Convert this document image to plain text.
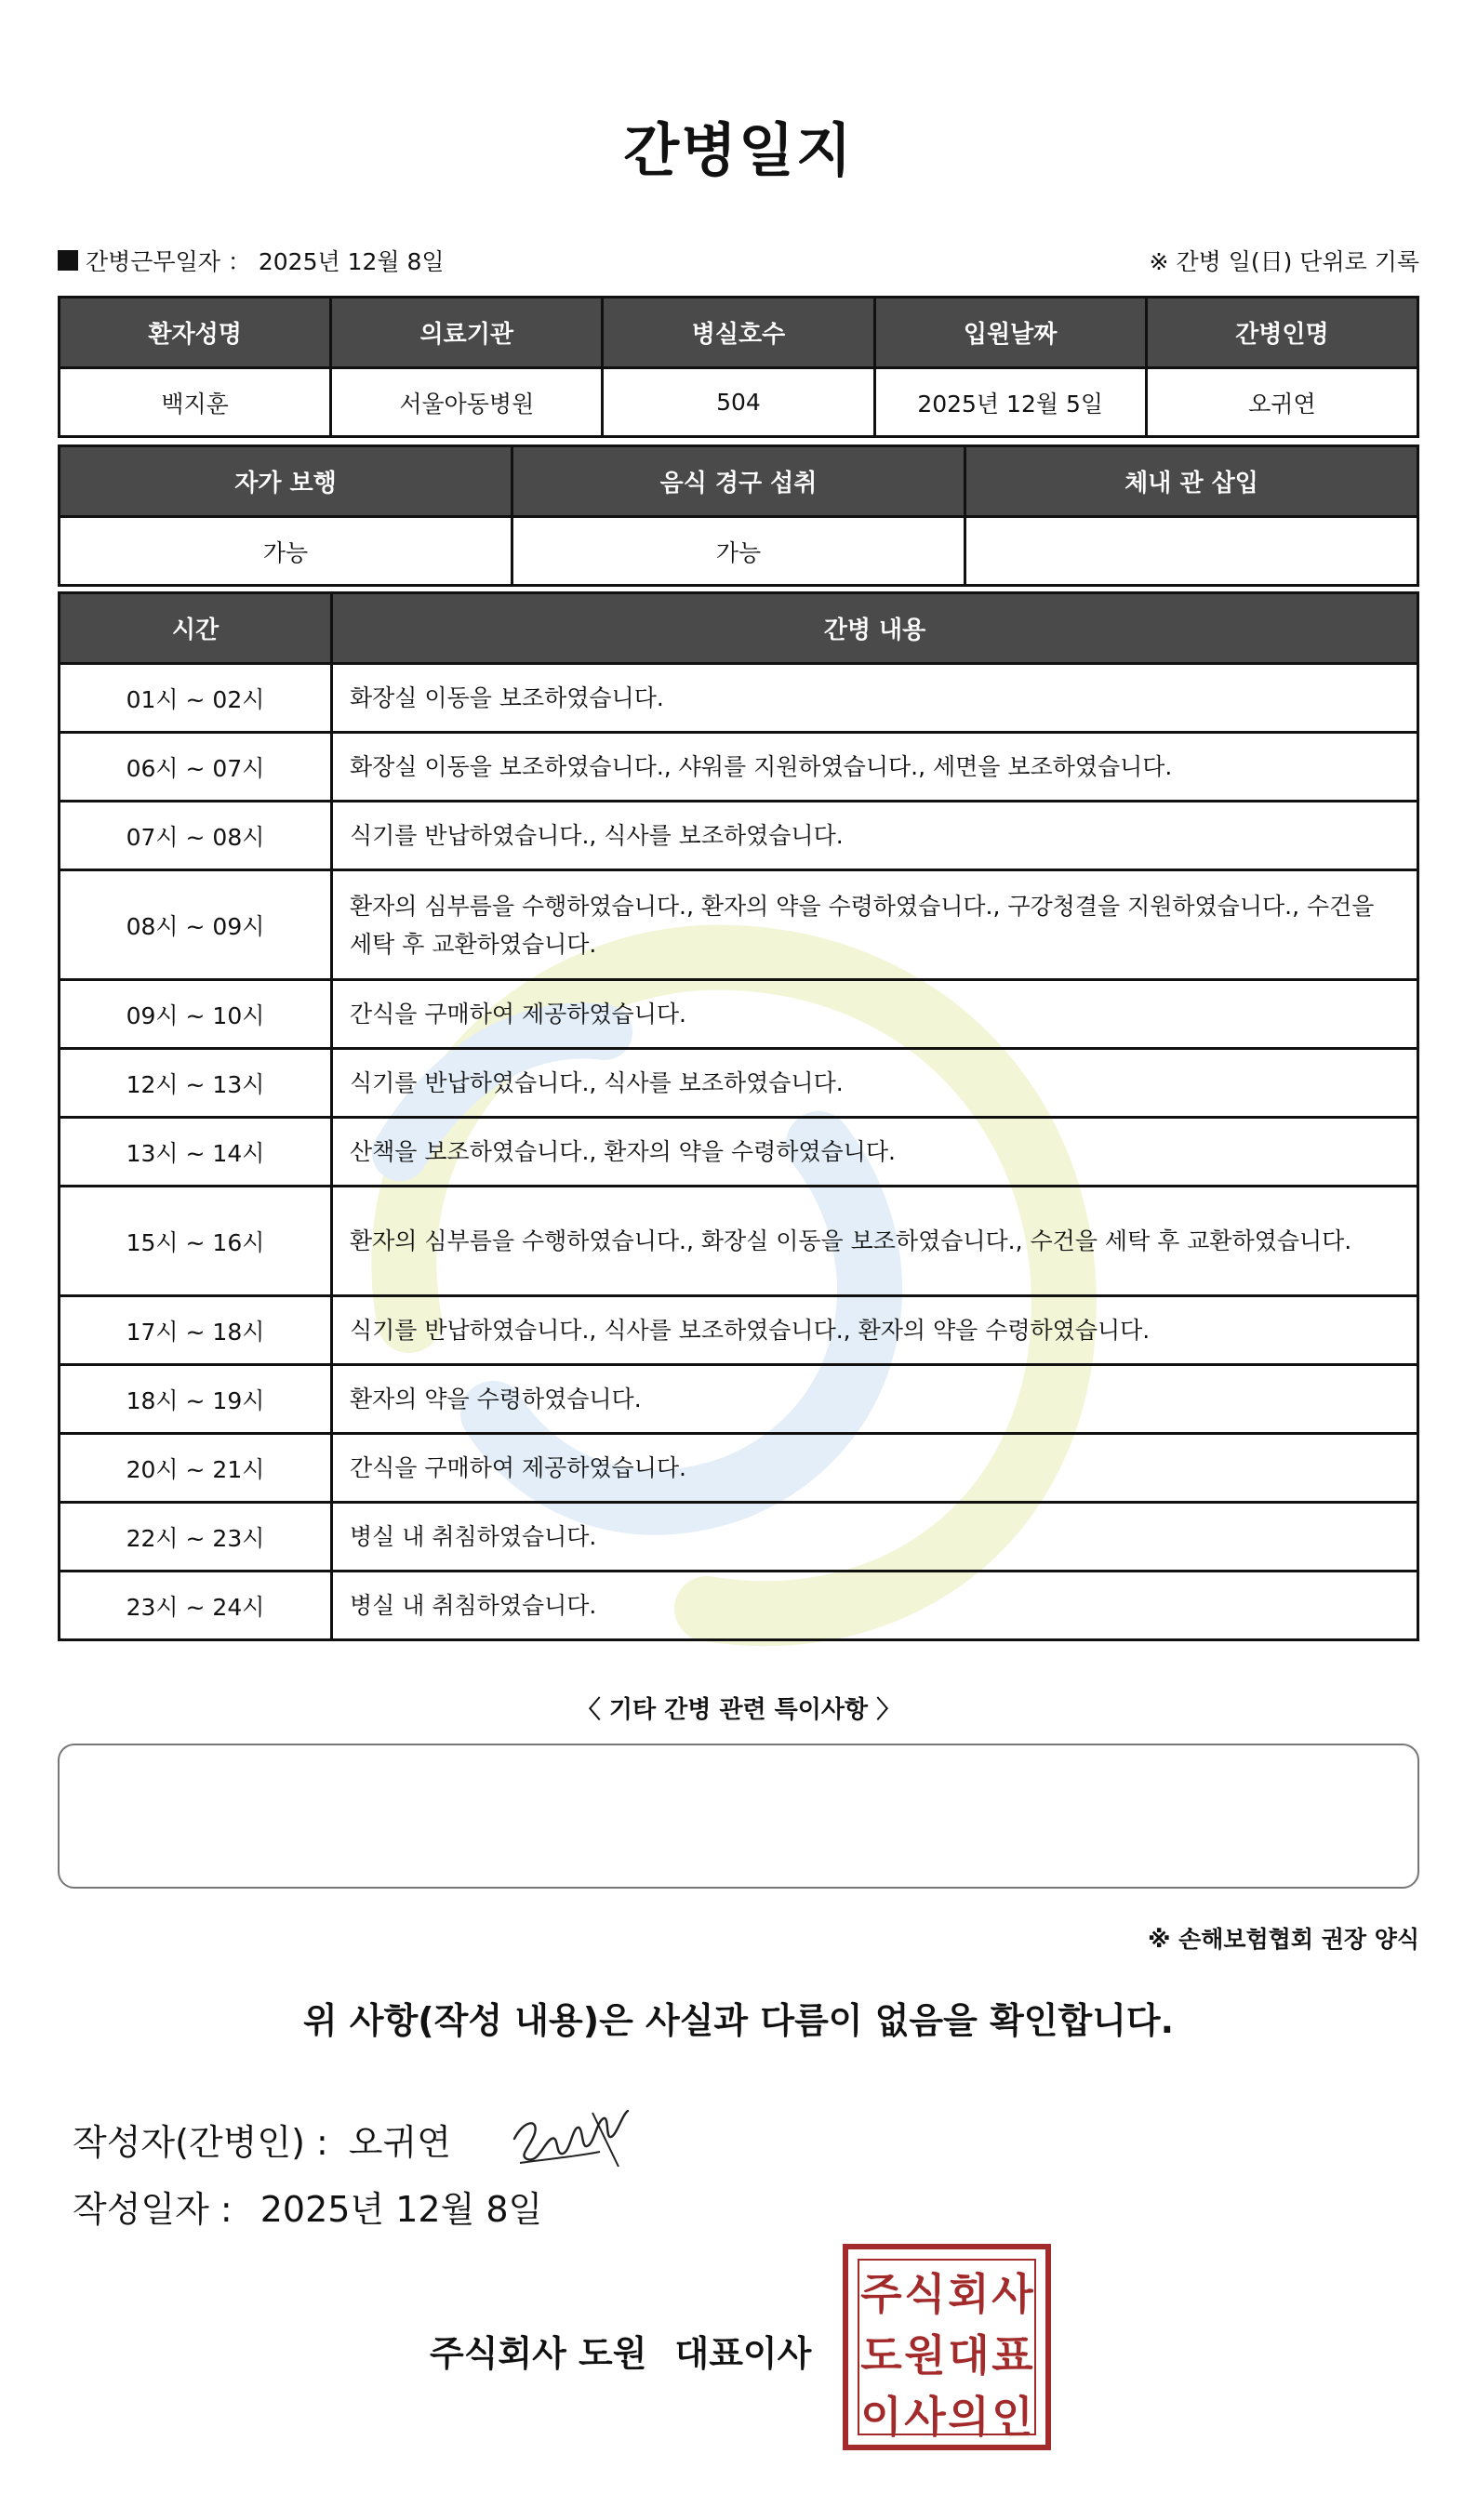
간병일지
간병근무일자 ： 2025년 12월 8일	※ 간병 일(日) 단위로 기록
환자성명	의료기관	병실호수	입원날짜	간병인명
백지훈	서울아동병원	504	2025년 12월 5일	오귀연
자가 보행	음식 경구 섭취	체내 관 삽입
가능	가능	
시간	간병 내용
01시 ~ 02시	화장실 이동을 보조하였습니다.
06시 ~ 07시	화장실 이동을 보조하였습니다., 샤워를 지원하였습니다., 세면을 보조하였습니다.
07시 ~ 08시	식기를 반납하였습니다., 식사를 보조하였습니다.
08시 ~ 09시	환자의 심부름을 수행하였습니다., 환자의 약을 수령하였습니다., 구강청결을 지원하였습니다., 수건을 세탁 후 교환하였습니다.
09시 ~ 10시	간식을 구매하여 제공하였습니다.
12시 ~ 13시	식기를 반납하였습니다., 식사를 보조하였습니다.
13시 ~ 14시	산책을 보조하였습니다., 환자의 약을 수령하였습니다.
15시 ~ 16시	환자의 심부름을 수행하였습니다., 화장실 이동을 보조하였습니다., 수건을 세탁 후 교환하였습니다.
17시 ~ 18시	식기를 반납하였습니다., 식사를 보조하였습니다., 환자의 약을 수령하였습니다.
18시 ~ 19시	환자의 약을 수령하였습니다.
20시 ~ 21시	간식을 구매하여 제공하였습니다.
22시 ~ 23시	병실 내 취침하였습니다.
23시 ~ 24시	병실 내 취침하였습니다.
〈 기타 간병 관련 특이사항 〉
※ 손해보험협회 권장 양식
위 사항(작성 내용)은 사실과 다름이 없음을 확인합니다.
작성자(간병인) : 오귀연
작성일자 : 2025년 12월 8일
주식회사 도원 대표이사
주 식 회 사
도 원 대 표
이 사 의 인
